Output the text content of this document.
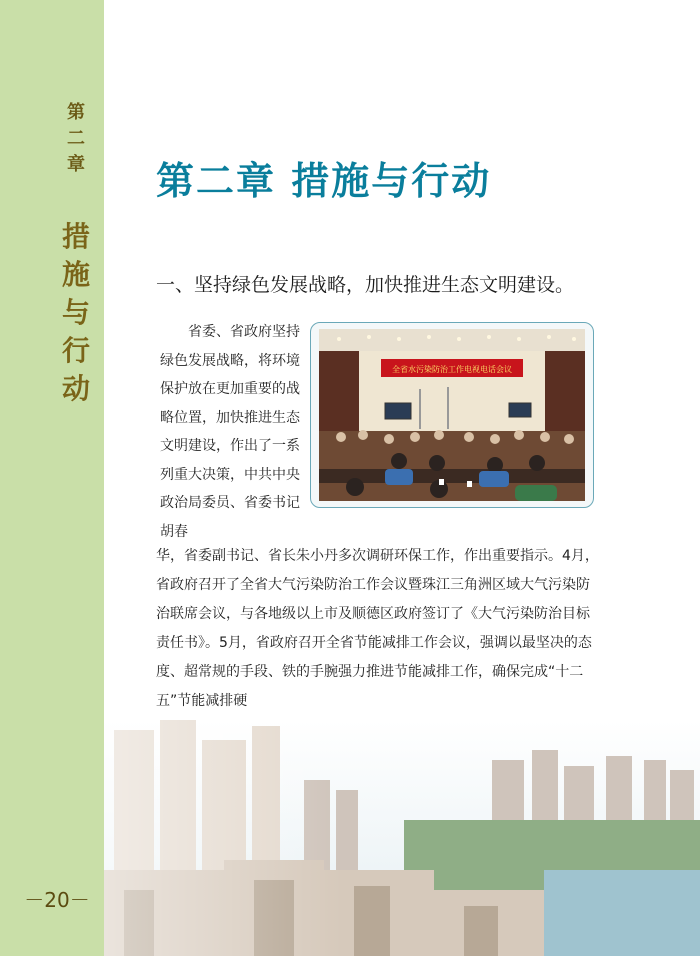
第二章
措施与行动
－20－
第二章 措施与行动
一、坚持绿色发展战略，加快推进生态文明建设。
省委、省政府坚持绿色发展战略，将环境保护放在更加重要的战略位置，加快推进生态文明建设，作出了一系列重大决策，中共中央政治局委员、省委书记胡春
全省水污染防治工作电视电话会议
华，省委副书记、省长朱小丹多次调研环保工作，作出重要指示。4月，省政府召开了全省大气污染防治工作会议暨珠江三角洲区域大气污染防治联席会议，与各地级以上市及顺德区政府签订了《大气污染防治目标责任书》。5月，省政府召开全省节能减排工作会议，强调以最坚决的态度、超常规的手段、铁的手腕强力推进节能减排工作，确保完成“十二五”节能减排硬
